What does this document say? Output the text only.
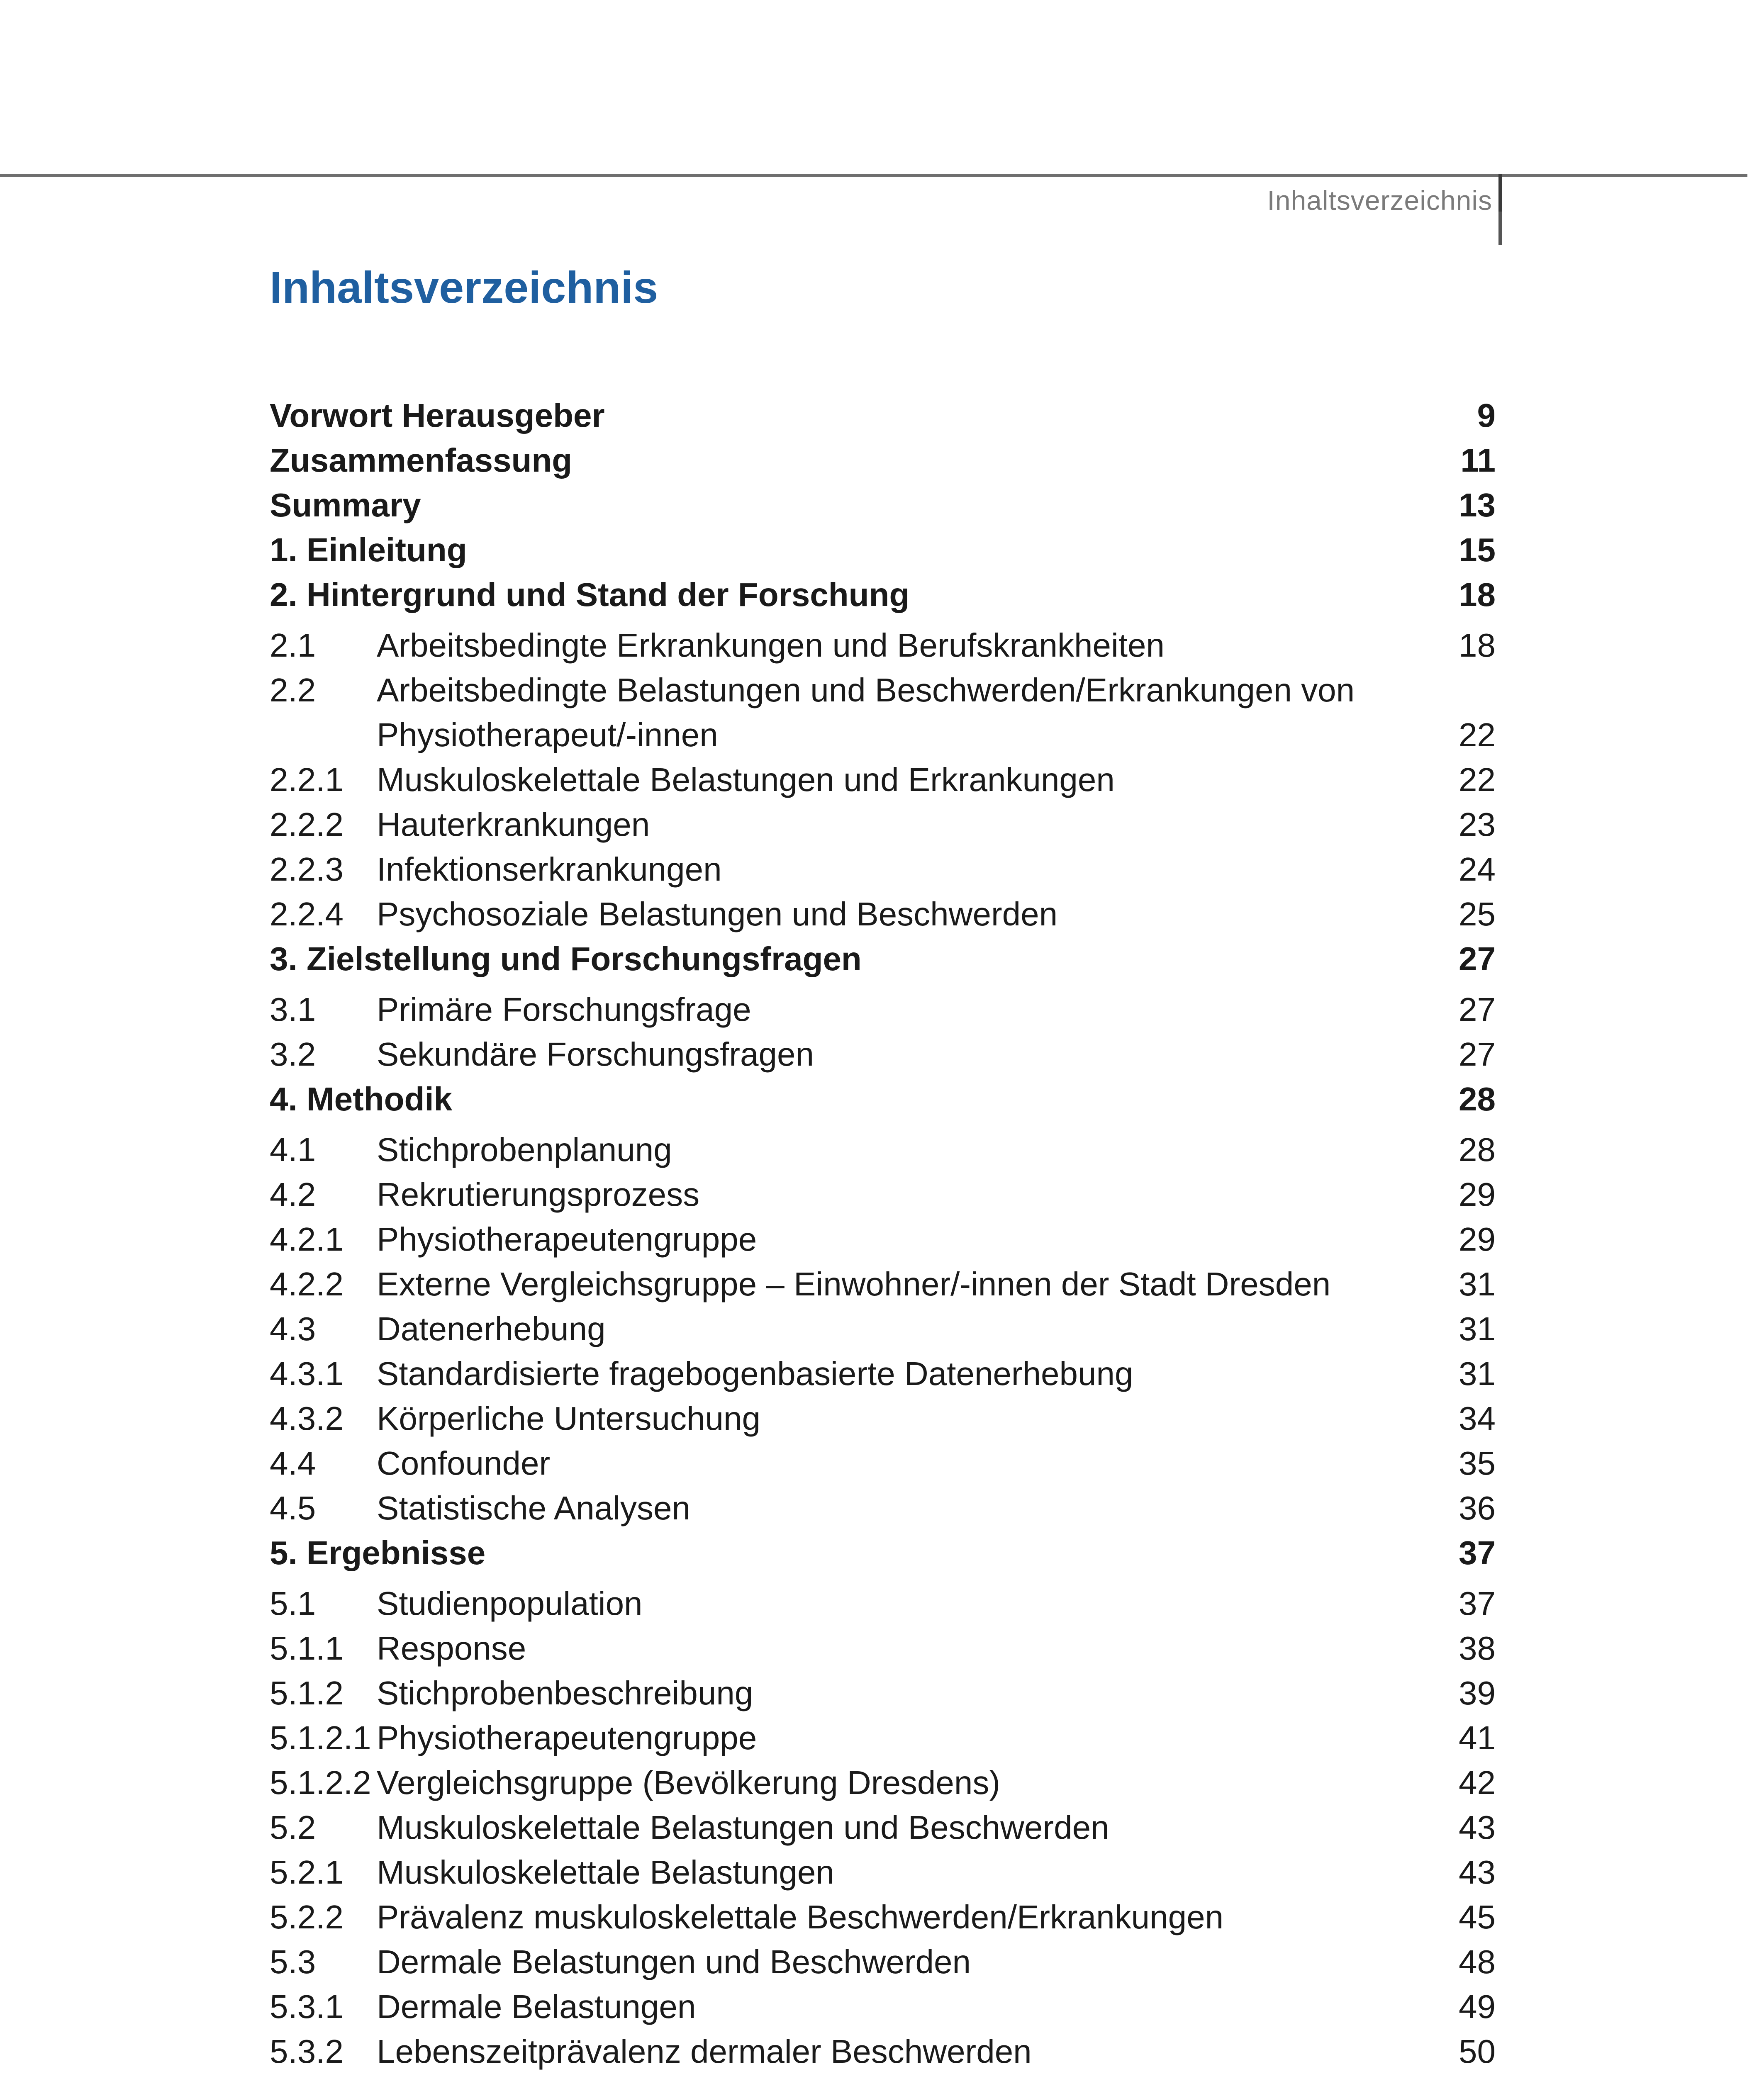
Inhaltsverzeichnis
Inhaltsverzeichnis
Vorwort Herausgeber	9
Zusammenfassung	11
Summary	13
1. Einleitung	15
2. Hintergrund und Stand der Forschung	18
2.1 Arbeitsbedingte Erkrankungen und Berufskrankheiten	18
2.2 Arbeitsbedingte Belastungen und Beschwerden/Erkrankungen von Physiotherapeut/-innen	22
2.2.1 Muskuloskelettale Belastungen und Erkrankungen	22
2.2.2 Hauterkrankungen	23
2.2.3 Infektionserkrankungen	24
2.2.4 Psychosoziale Belastungen und Beschwerden	25
3. Zielstellung und Forschungsfragen	27
3.1 Primäre Forschungsfrage	27
3.2 Sekundäre Forschungsfragen	27
4. Methodik	28
4.1 Stichprobenplanung	28
4.2 Rekrutierungsprozess	29
4.2.1 Physiotherapeutengruppe	29
4.2.2 Externe Vergleichsgruppe – Einwohner/-innen der Stadt Dresden	31
4.3 Datenerhebung	31
4.3.1 Standardisierte fragebogenbasierte Datenerhebung	31
4.3.2 Körperliche Untersuchung	34
4.4 Confounder	35
4.5 Statistische Analysen	36
5. Ergebnisse	37
5.1 Studienpopulation	37
5.1.1 Response	38
5.1.2 Stichprobenbeschreibung	39
5.1.2.1 Physiotherapeutengruppe	41
5.1.2.2 Vergleichsgruppe (Bevölkerung Dresdens)	42
5.2 Muskuloskelettale Belastungen und Beschwerden	43
5.2.1 Muskuloskelettale Belastungen	43
5.2.2 Prävalenz muskuloskelettale Beschwerden/Erkrankungen	45
5.3 Dermale Belastungen und Beschwerden	48
5.3.1 Dermale Belastungen	49
5.3.2 Lebenszeitprävalenz dermaler Beschwerden	50
